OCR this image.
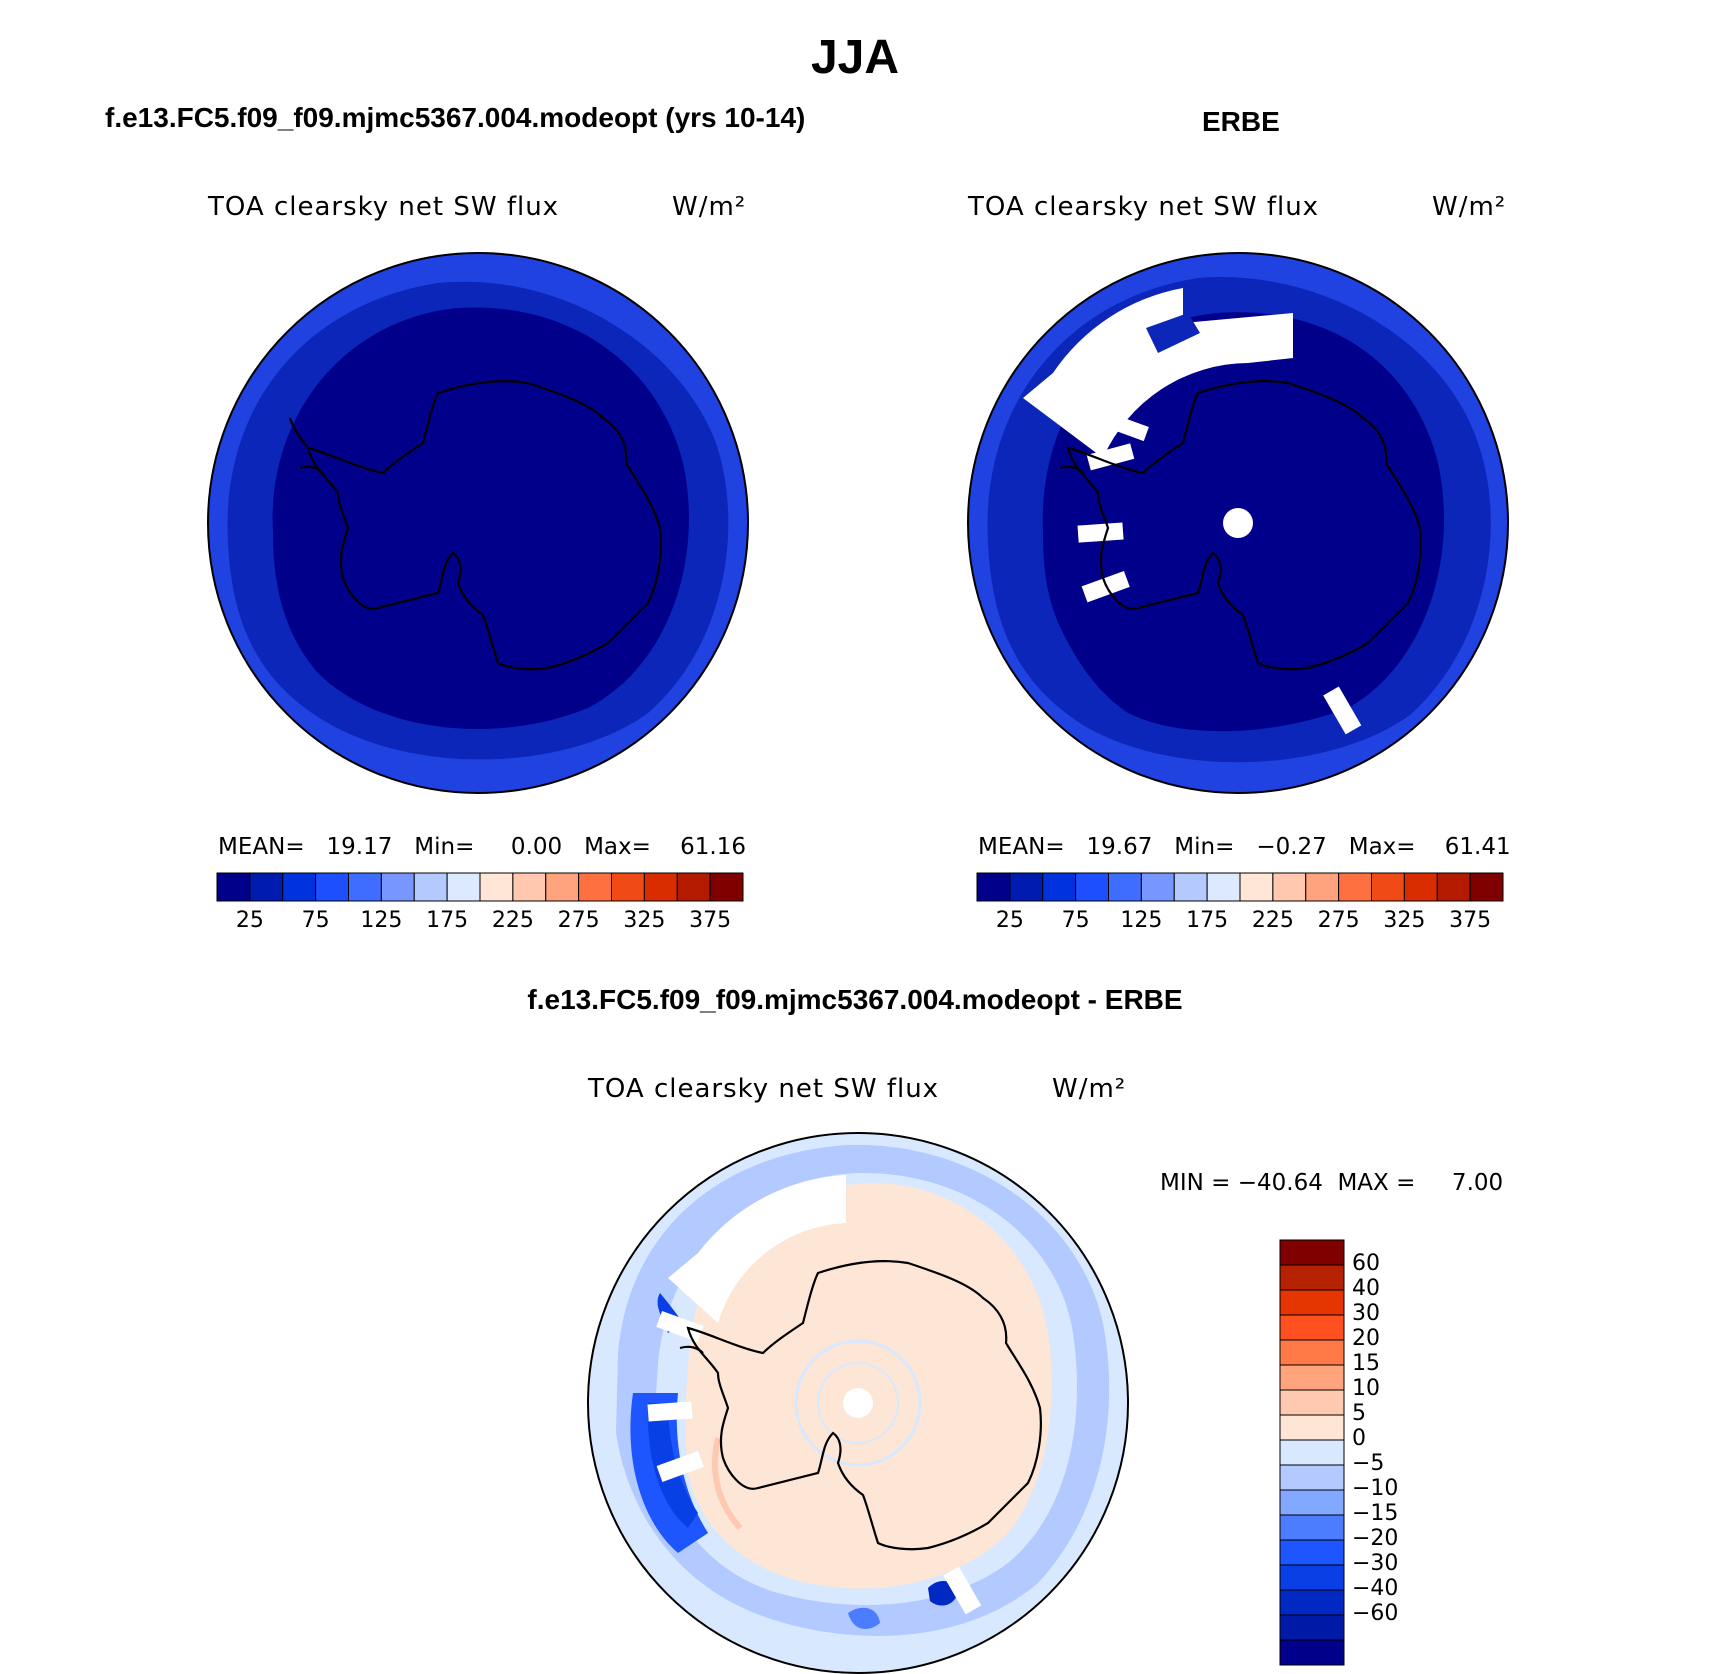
JJA
f.e13.FC5.f09_f09.mjmc5367.004.modeopt (yrs 10-14)	ERBE
f.e13.FC5.f09_f09.mjmc5367.004.modeopt - ERBE
TOA clearsky net SW flux	W/m²	TOA clearsky net SW flux	W/m²
TOA clearsky net SW flux	W/m²
MEAN=   19.17   Min=     0.00   Max=    61.16	MEAN=   19.67   Min=   −0.27   Max=    61.41
25	75	125 175 225 275 325 375	25	75	125 175 225 275 325 375
MIN = −40.64  MAX =     7.00
60
40
30
20
15
10
5
0
−5
−10
−15
−20
−30
−40
−60
